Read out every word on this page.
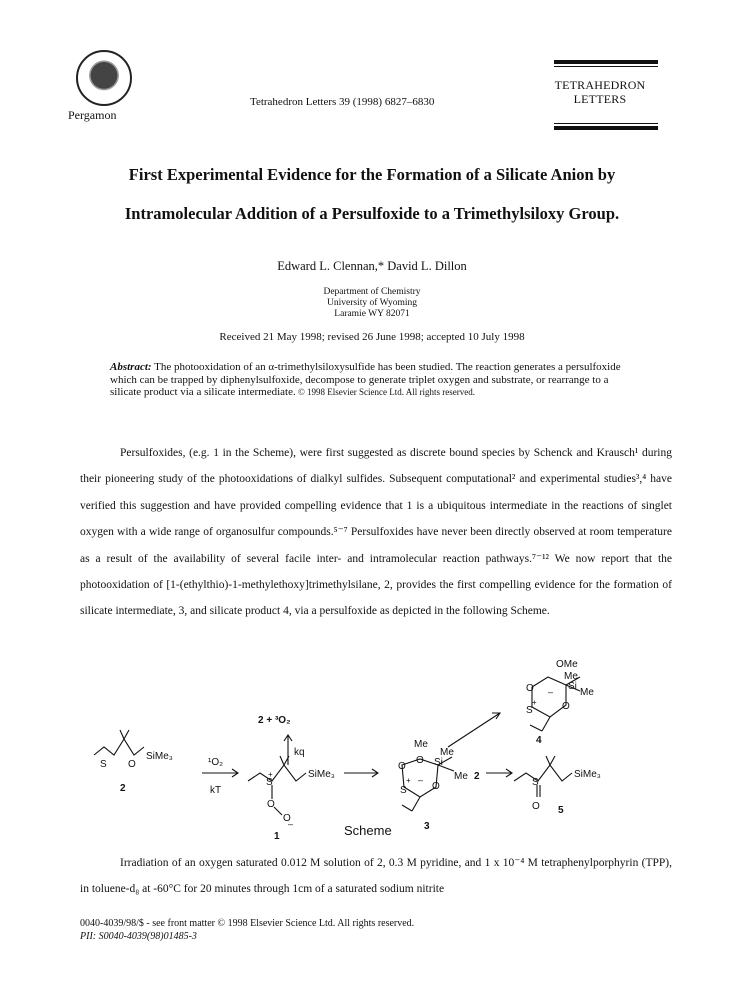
Pergamon
Tetrahedron Letters 39 (1998) 6827–6830
TETRAHEDRON
LETTERS
First Experimental Evidence for the Formation of a Silicate Anion by
Intramolecular Addition of a Persulfoxide to a Trimethylsiloxy Group.
Edward L. Clennan,* David L. Dillon
Department of Chemistry
University of Wyoming
Laramie WY 82071
Received 21 May 1998; revised 26 June 1998; accepted 10 July 1998
Abstract: The photooxidation of an α-trimethylsiloxysulfide has been studied. The reaction generates a persulfoxide which can be trapped by diphenylsulfoxide, decompose to generate triplet oxygen and substrate, or rearrange to a silicate product via a silicate intermediate. © 1998 Elsevier Science Ltd. All rights reserved.

Persulfoxides, (e.g. 1 in the Scheme), were first suggested as discrete bound species by Schenck and Krausch¹ during their pioneering study of the photooxidations of dialkyl sulfides. Subsequent computational² and experimental studies³,⁴ have verified this suggestion and have provided compelling evidence that 1 is a ubiquitous intermediate in the reactions of singlet oxygen with a wide range of organosulfur compounds.⁵⁻⁷ Persulfoxides have never been directly observed at room temperature as a result of the availability of several facile inter- and intramolecular reaction pathways.⁷⁻¹² We now report that the photooxidation of [1-(ethylthio)-1-methylethoxy]trimethylsilane, 2, provides the first compelling evidence for the formation of silicate intermediate, 3, and silicate product 4, via a persulfoxide as depicted in the following Scheme.

SiMe₃
S O
2
¹O₂
kT
2 + ³O₂
kq
S
+	SiMe₃
O
O
–
1
Me
Me
Si
Me 2
O
O
O
S
+ –
3
SiMe₃
S
O 5
OMe
Me
Si
Me
O
O
S
+
–
4
Scheme

Irradiation of an oxygen saturated 0.012 M solution of 2, 0.3 M pyridine, and 1 x 10⁻⁴ M tetraphenylporphyrin (TPP), in toluene-d₈ at -60°C for 20 minutes through 1cm of a saturated sodium nitrite

0040-4039/98/$ - see front matter © 1998 Elsevier Science Ltd. All rights reserved.
PII: S0040-4039(98)01485-3
